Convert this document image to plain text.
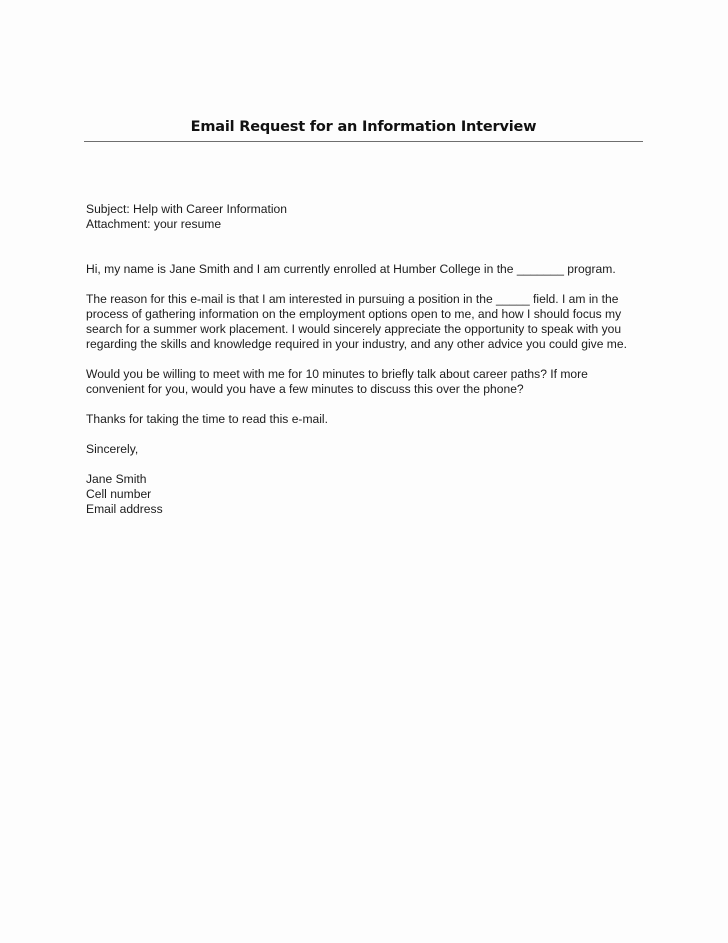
Email Request for an Information Interview

Subject: Help with Career Information

Attachment: your resume

Hi, my name is Jane Smith and I am currently enrolled at Humber College in the _______ program.

The reason for this e-mail is that I am interested in pursuing a position in the _____ field. I am in the process of gathering information on the employment options open to me, and how I should focus my search for a summer work placement. I would sincerely appreciate the opportunity to speak with you regarding the skills and knowledge required in your industry, and any other advice you could give me.

Would you be willing to meet with me for 10 minutes to briefly talk about career paths? If more convenient for you, would you have a few minutes to discuss this over the phone?

Thanks for taking the time to read this e-mail.

Sincerely,

Jane Smith

Cell number

Email address
